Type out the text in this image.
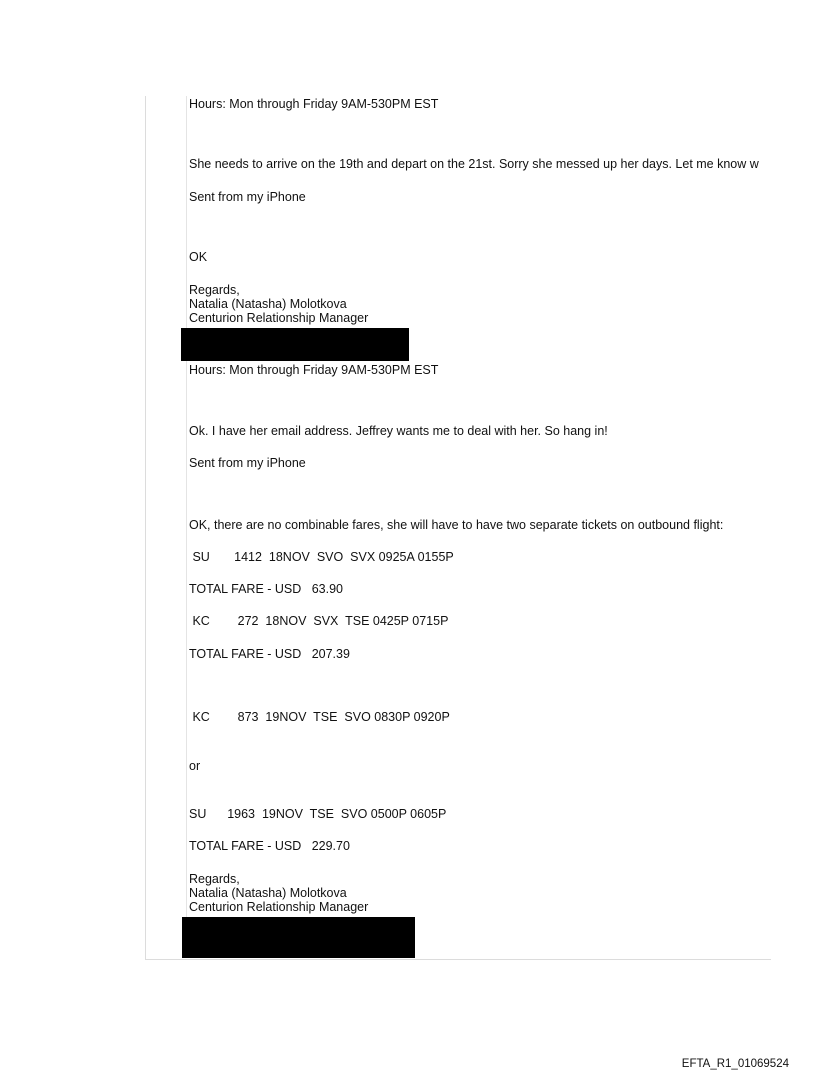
Hours: Mon through Friday 9AM-530PM EST
She needs to arrive on the 19th and depart on the 21st. Sorry she messed up her days. Let me know w
Sent from my iPhone
OK
Regards,
Natalia (Natasha) Molotkova
Centurion Relationship Manager
Hours: Mon through Friday 9AM-530PM EST
Ok. I have her email address. Jeffrey wants me to deal with her. So hang in!
Sent from my iPhone
OK, there are no combinable fares, she will have to have two separate tickets on outbound flight:
SU       1412  18NOV  SVO  SVX 0925A 0155P
TOTAL FARE - USD   63.90
KC        272  18NOV  SVX  TSE 0425P 0715P
TOTAL FARE - USD   207.39
KC        873  19NOV  TSE  SVO 0830P 0920P
or
SU      1963  19NOV  TSE  SVO 0500P 0605P
TOTAL FARE - USD   229.70
Regards,
Natalia (Natasha) Molotkova
Centurion Relationship Manager
EFTA_R1_01069524
